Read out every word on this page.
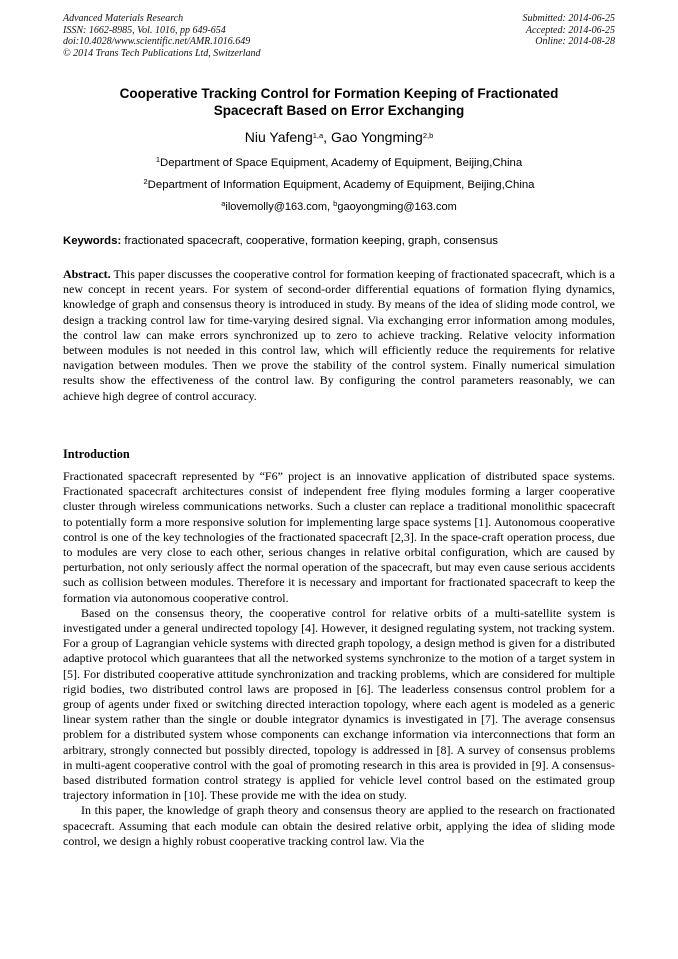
Advanced Materials Research
ISSN: 1662-8985, Vol. 1016, pp 649-654
doi:10.4028/www.scientific.net/AMR.1016.649
© 2014 Trans Tech Publications Ltd, Switzerland
Submitted: 2014-06-25
Accepted: 2014-06-25
Online: 2014-08-28
Cooperative Tracking Control for Formation Keeping of Fractionated
Spacecraft Based on Error Exchanging
Niu Yafeng$^{1,a}$, Gao Yongming$^{2,b}$
$^1$Department of Space Equipment, Academy of Equipment, Beijing,China
$^2$Department of Information Equipment, Academy of Equipment, Beijing,China
$^a$ilovemolly@163.com, $^b$gaoyongming@163.com
Keywords: fractionated spacecraft, cooperative, formation keeping, graph, consensus

Abstract. This paper discusses the cooperative control for formation keeping of fractionated spacecraft, which is a new concept in recent years. For system of second-order differential equations of formation flying dynamics, knowledge of graph and consensus theory is introduced in study. By means of the idea of sliding mode control, we design a tracking control law for time-varying desired signal. Via exchanging error information among modules, the control law can make errors synchronized up to zero to achieve tracking. Relative velocity information between modules is not needed in this control law, which will efficiently reduce the requirements for relative navigation between modules. Then we prove the stability of the control system. Finally numerical simulation results show the effectiveness of the control law. By configuring the control parameters reasonably, we can achieve high degree of control accuracy.

Introduction

Fractionated spacecraft represented by “F6” project is an innovative application of distributed space systems. Fractionated spacecraft architectures consist of independent free flying modules forming a larger cooperative cluster through wireless communications networks. Such a cluster can replace a traditional monolithic spacecraft to potentially form a more responsive solution for implementing large space systems [1]. Autonomous cooperative control is one of the key technologies of the fractionated spacecraft [2,3]. In the space-craft operation process, due to modules are very close to each other, serious changes in relative orbital configuration, which are caused by perturbation, not only seriously affect the normal operation of the spacecraft, but may even cause serious accidents such as collision between modules. Therefore it is necessary and important for fractionated spacecraft to keep the formation via autonomous cooperative control.

Based on the consensus theory, the cooperative control for relative orbits of a multi-satellite system is investigated under a general undirected topology [4]. However, it designed regulating system, not tracking system. For a group of Lagrangian vehicle systems with directed graph topology, a design method is given for a distributed adaptive protocol which guarantees that all the networked systems synchronize to the motion of a target system in [5]. For distributed cooperative attitude synchronization and tracking problems, which are considered for multiple rigid bodies, two distributed control laws are proposed in [6]. The leaderless consensus control problem for a group of agents under fixed or switching directed interaction topology, where each agent is modeled as a generic linear system rather than the single or double integrator dynamics is investigated in [7]. The average consensus problem for a distributed system whose components can exchange information via interconnections that form an arbitrary, strongly connected but possibly directed, topology is addressed in [8]. A survey of consensus problems in multi-agent cooperative control with the goal of promoting research in this area is provided in [9]. A consensus-based distributed formation control strategy is applied for vehicle level control based on the estimated group trajectory information in [10]. These provide me with the idea on study.

In this paper, the knowledge of graph theory and consensus theory are applied to the research on fractionated spacecraft. Assuming that each module can obtain the desired relative orbit, applying the idea of sliding mode control, we design a highly robust cooperative tracking control law. Via the
